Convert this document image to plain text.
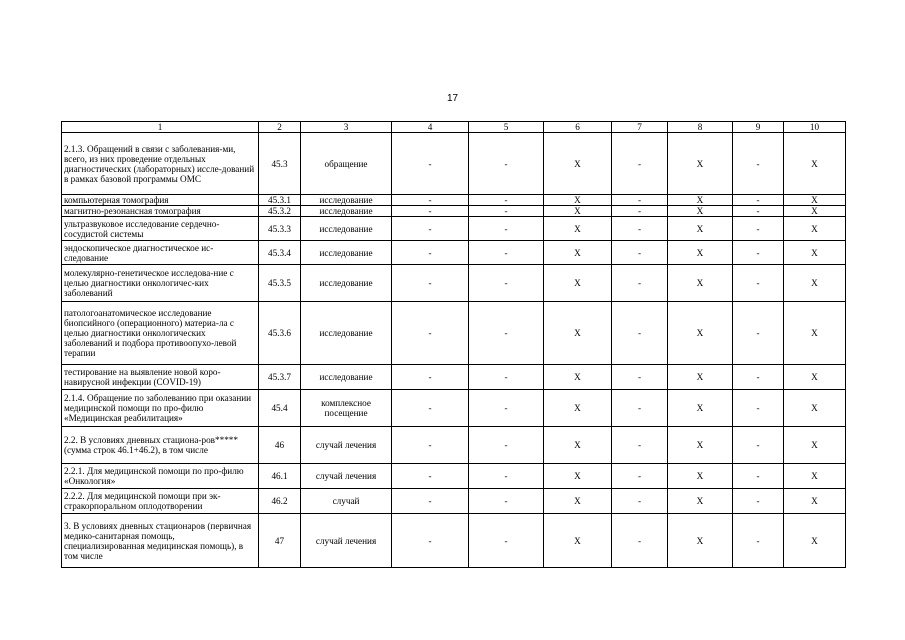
17
1	2	3	4	5	6	7	8	9	10
2.1.3. Обращений в связи с заболевания-ми, всего, из них проведение отдельных диагностических (лабораторных) иссле-дований в рамках базовой программы ОМС	45.3	обращение	-	-	X	-	X	-	X
компьютерная томография	45.3.1	исследование	-	-	X	-	X	-	X
магнитно-резонансная томография	45.3.2	исследование	-	-	X	-	X	-	X
ультразвуковое исследование сердечно-сосудистой системы	45.3.3	исследование	-	-	X	-	X	-	X
эндоскопическое диагностическое ис-следование	45.3.4	исследование	-	-	X	-	X	-	X
молекулярно-генетическое исследова-ние с целью диагностики онкологичес-ких заболеваний	45.3.5	исследование	-	-	X	-	X	-	X
патологоанатомическое исследование биопсийного (операционного) материа-ла с целью диагностики онкологических заболеваний и подбора противоопухо-левой терапии	45.3.6	исследование	-	-	X	-	X	-	X
тестирование на выявление новой коро-навирусной инфекции (COVID-19)	45.3.7	исследование	-	-	X	-	X	-	X
2.1.4. Обращение по заболеванию при оказании медицинской помощи по про-филю «Медицинская реабилитация»	45.4	комплексное посещение	-	-	X	-	X	-	X
2.2. В условиях дневных стациона-ров***** (сумма строк 46.1+46.2), в том числе	46	случай лечения	-	-	X	-	X	-	X
2.2.1. Для медицинской помощи по про-филю «Онкология»	46.1	случай лечения	-	-	X	-	X	-	X
2.2.2. Для медицинской помощи при эк-стракорпоральном оплодотворении	46.2	случай	-	-	X	-	X	-	X
3. В условиях дневных стационаров (первичная медико-санитарная помощь, специализированная медицинская помощь), в том числе	47	случай лечения	-	-	X	-	X	-	X
